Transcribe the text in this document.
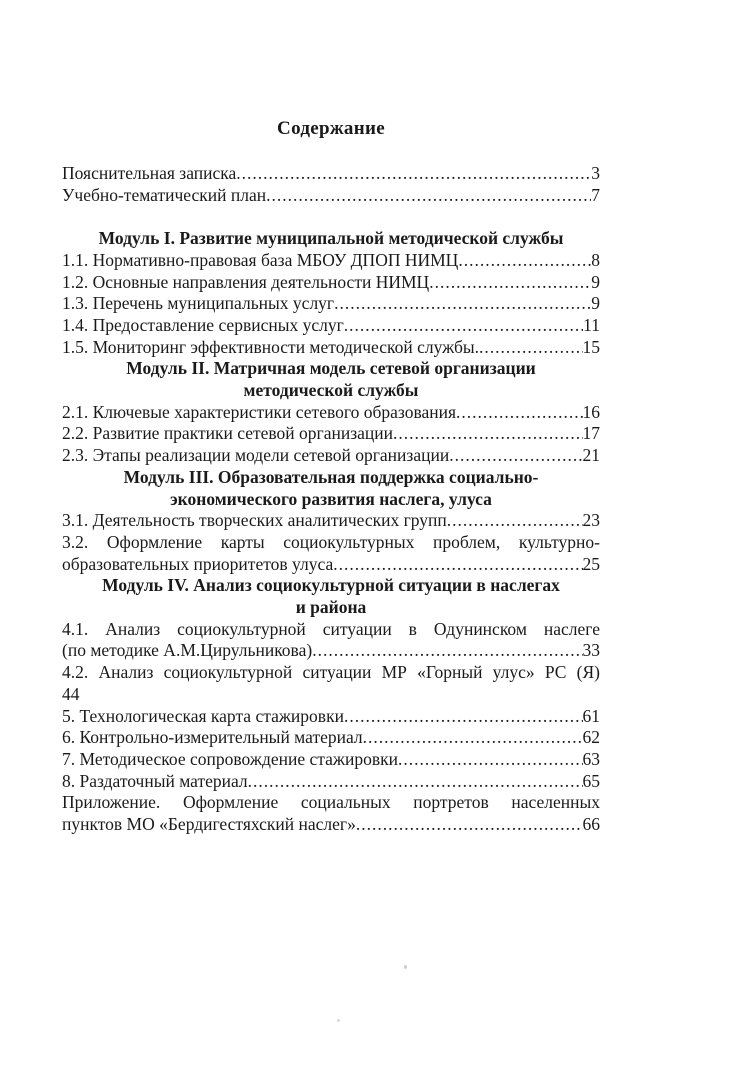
Содержание
Пояснительная записка .....	3
Учебно-тематический план .....	7
Модуль I. Развитие муниципальной методической службы
1.1. Нормативно-правовая база МБОУ ДПОП НИМЦ .....	8
1.2. Основные направления деятельности НИМЦ .....	9
1.3. Перечень муниципальных услуг .....	9
1.4. Предоставление сервисных услуг .....	11
1.5. Мониторинг эффективности методической службы. .....	15
Модуль II. Матричная модель сетевой организации
методической службы
2.1. Ключевые характеристики сетевого образования .....	16
2.2. Развитие практики сетевой организации .....	17
2.3. Этапы реализации модели сетевой организации .....	21
Модуль III. Образовательная поддержка социально-
экономического развития наслега, улуса
3.1. Деятельность творческих аналитических групп .....	23
3.2. Оформление карты социокультурных проблем, культурно-
образовательных приоритетов улуса .....	25
Модуль IV. Анализ социокультурной ситуации в наслегах
и района
4.1. Анализ социокультурной ситуации в Одунинском наслеге
(по методике А.М.Цирульникова) .....	33
4.2. Анализ социокультурной ситуации МР «Горный улус» РС (Я)
44
5. Технологическая карта стажировки .....	61
6. Контрольно-измерительный материал .....	62
7. Методическое сопровождение стажировки .....	63
8. Раздаточный материал .....	65
Приложение. Оформление социальных портретов населенных
пунктов МО «Бердигестяхский наслег» .....	66
